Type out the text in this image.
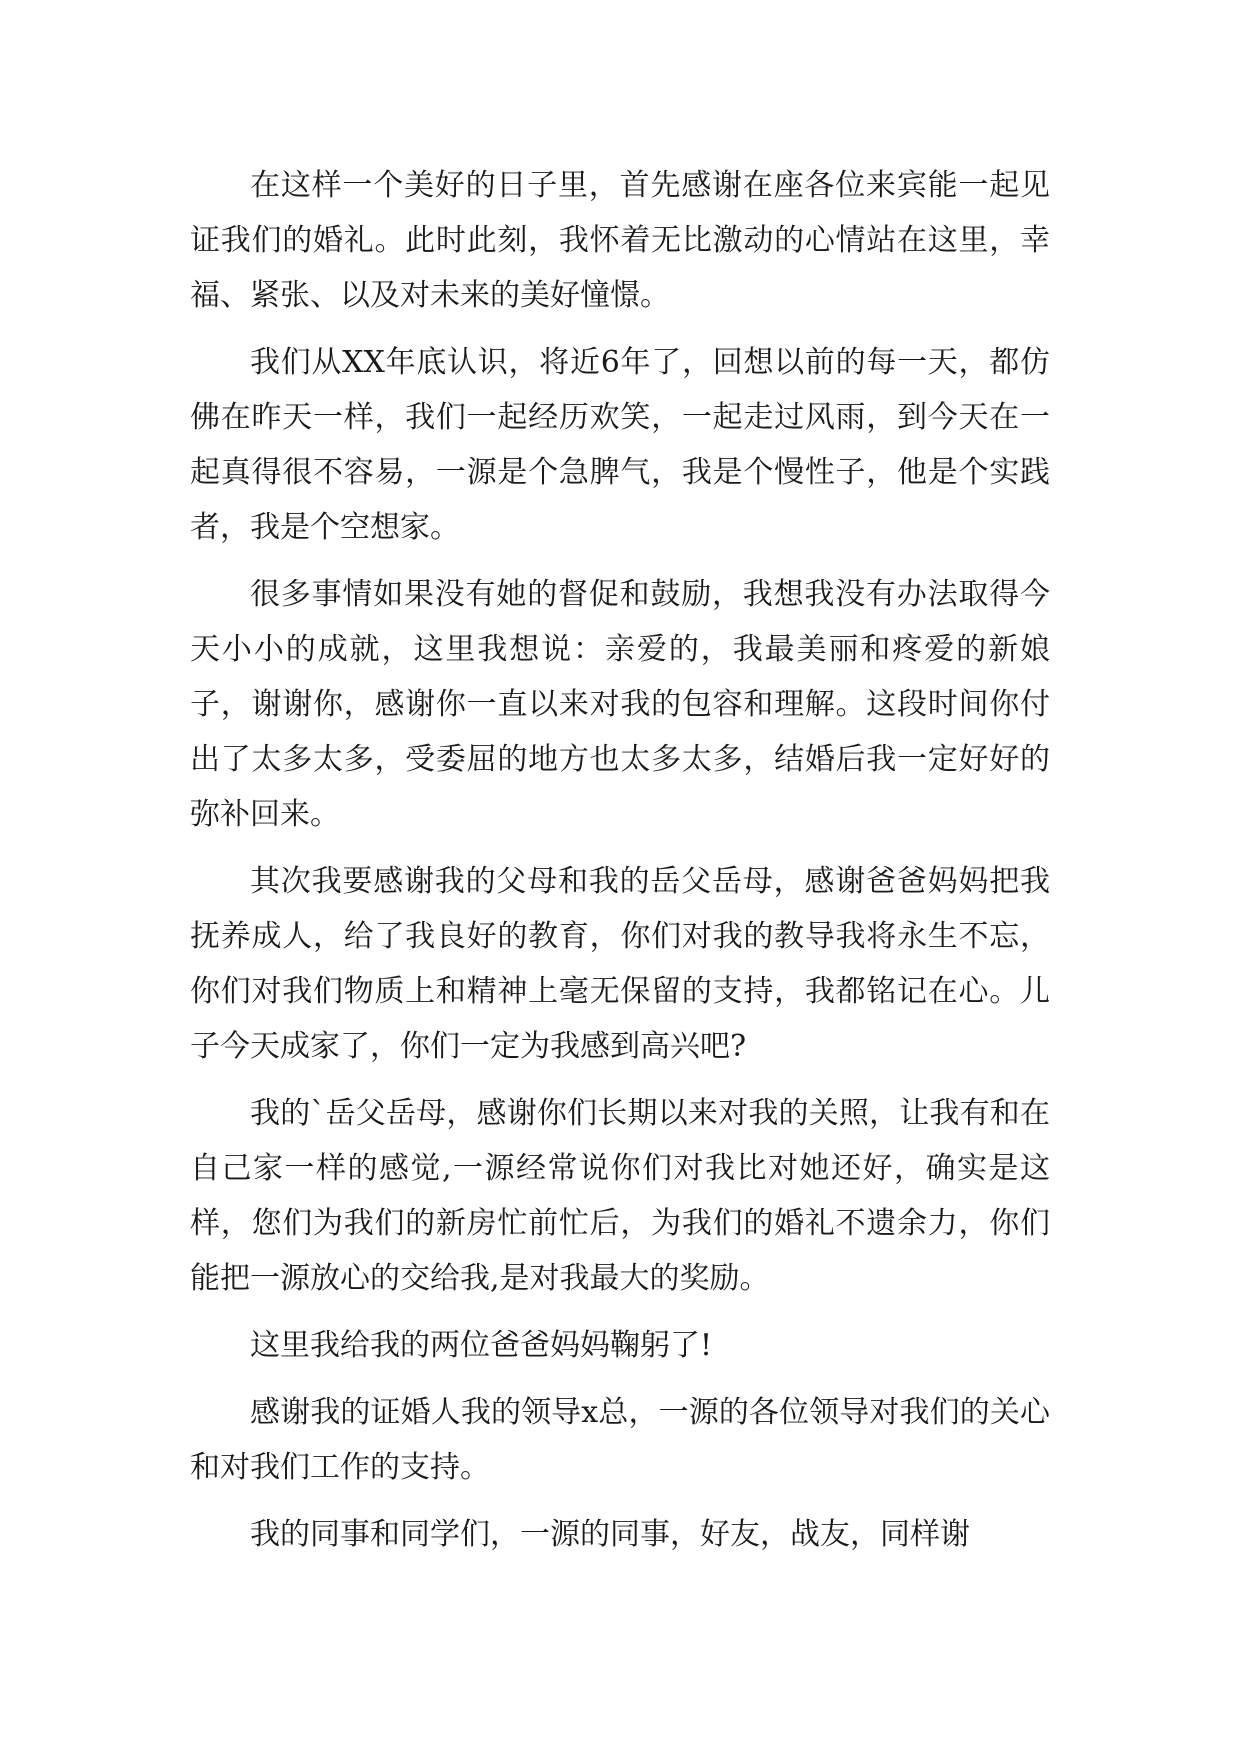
在这样一个美好的日子里，首先感谢在座各位来宾能一起见证我们的婚礼。此时此刻，我怀着无比激动的心情站在这里，幸福、紧张、以及对未来的美好憧憬。

我们从XX年底认识，将近6年了，回想以前的每一天，都仿佛在昨天一样，我们一起经历欢笑，一起走过风雨，到今天在一起真得很不容易，一源是个急脾气，我是个慢性子，他是个实践者，我是个空想家。

很多事情如果没有她的督促和鼓励，我想我没有办法取得今天小小的成就，这里我想说：亲爱的，我最美丽和疼爱的新娘子，谢谢你，感谢你一直以来对我的包容和理解。这段时间你付出了太多太多，受委屈的地方也太多太多，结婚后我一定好好的弥补回来。

其次我要感谢我的父母和我的岳父岳母，感谢爸爸妈妈把我抚养成人，给了我良好的教育，你们对我的教导我将永生不忘，你们对我们物质上和精神上毫无保留的支持，我都铭记在心。儿子今天成家了，你们一定为我感到高兴吧?

我的`岳父岳母，感谢你们长期以来对我的关照，让我有和在自己家一样的感觉,一源经常说你们对我比对她还好，确实是这样，您们为我们的新房忙前忙后，为我们的婚礼不遗余力，你们能把一源放心的交给我,是对我最大的奖励。

这里我给我的两位爸爸妈妈鞠躬了!

感谢我的证婚人我的领导x总，一源的各位领导对我们的关心和对我们工作的支持。

我的同事和同学们，一源的同事，好友，战友，同样谢
